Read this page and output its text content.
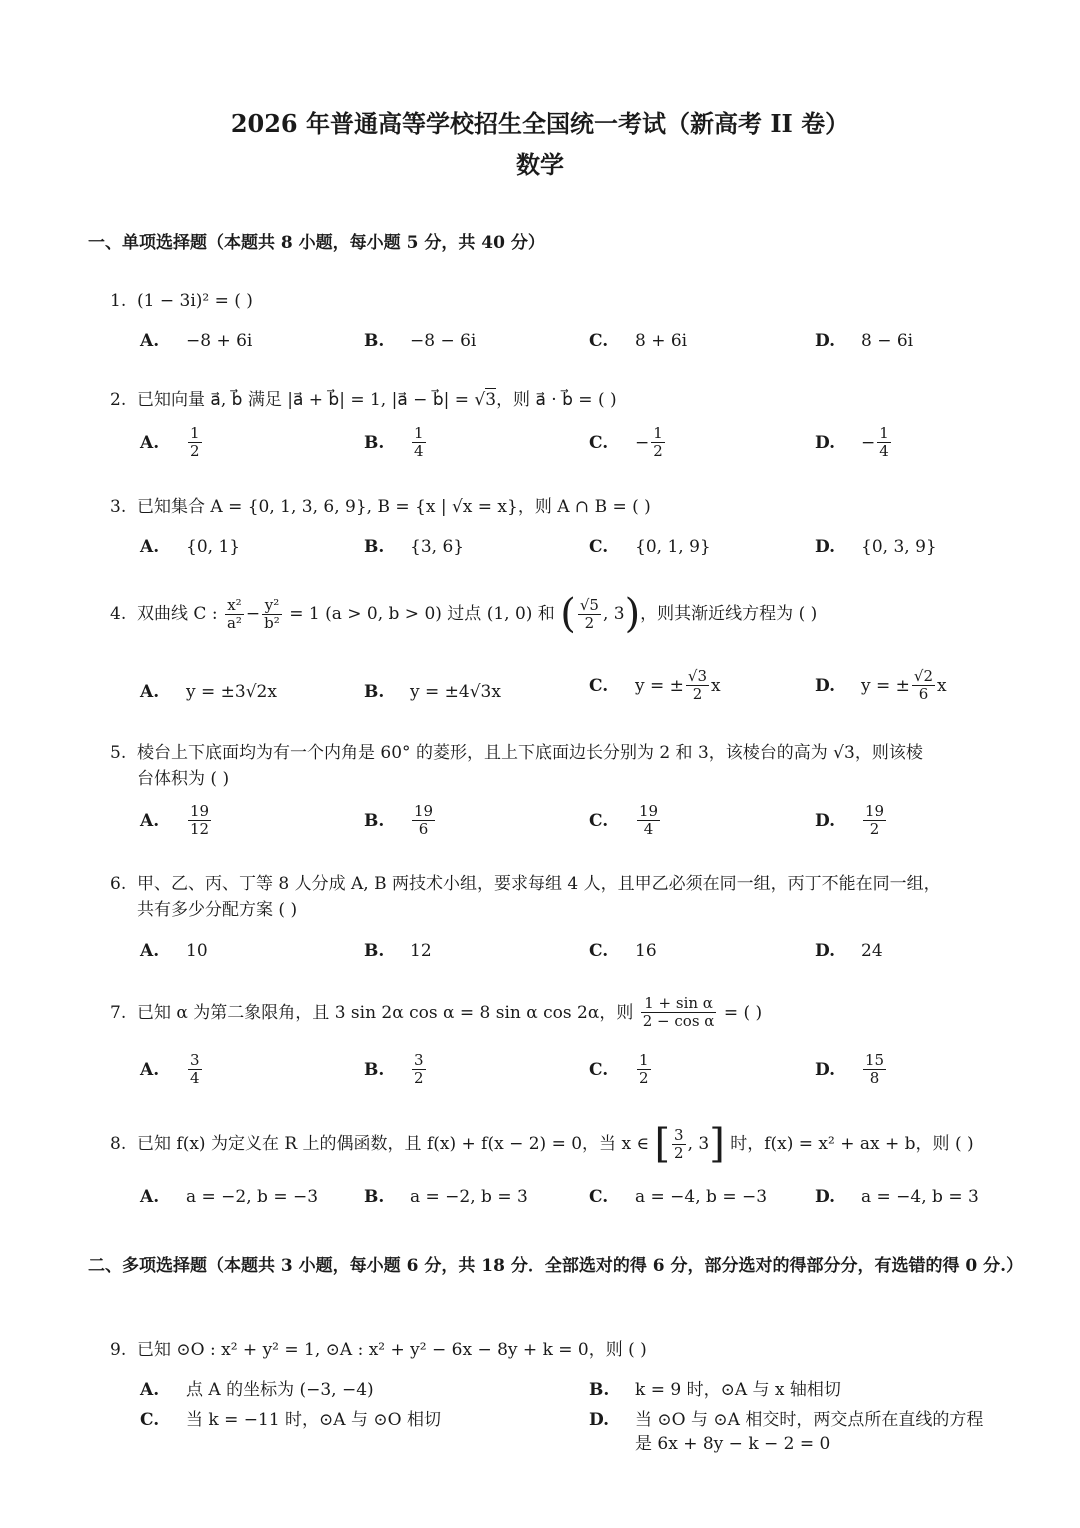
2026 年普通高等学校招生全国统一考试（新高考 II 卷）
数学
一、单项选择题（本题共 8 小题，每小题 5 分，共 40 分）
1. (1 − 3i)² = ( )
A. −8 + 6i	B. −8 − 6i	C. 8 + 6i	D. 8 − 6i
2. 已知向量 a⃗, b⃗ 满足 |a⃗ + b⃗| = 1, |a⃗ − b⃗| = √3，则 a⃗ · b⃗ = ( )
A. $\frac{1}{2}$	B. $\frac{1}{4}$	C. − $\frac{1}{2}$	D. − $\frac{1}{4}$
3. 已知集合 A = {0, 1, 3, 6, 9}, B = {x | √x = x}，则 A ∩ B = ( )
A. {0, 1}	B. {3, 6}	C. {0, 1, 9}	D. {0, 3, 9}
4. 双曲线 C : $\frac{\text{x²}}{\text{a²}} - \frac{\text{y²}}{\text{b²}} = 1$ (a > 0, b > 0) 过点 (1, 0) 和 ( $\frac{√5}{2}$ , 3)，则其渐近线方程为 ( )
A. y = ±3√2x	B. y = ±4√3x	C. y = ± $\frac{√3}{2}$ x	D. y = ± $\frac{√2}{6}$ x
5. 棱台上下底面均为有一个内角是 60° 的菱形，且上下底面边长分别为 2 和 3，该棱台的高为 √3，则该棱
台体积为 ( )
A. $\frac{19}{12}$	B. $\frac{19}{6}$	C. $\frac{19}{4}$	D. $\frac{19}{2}$
6. 甲、乙、丙、丁等 8 人分成 A, B 两技术小组，要求每组 4 人，且甲乙必须在同一组，丙丁不能在同一组，
共有多少分配方案 ( )
A. 10	B. 12	C. 16	D. 24
7. 已知 α 为第二象限角，且 3 sin 2α cos α = 8 sin α cos 2α，则 $\frac{\text{1 + sin α}}{\text{2 − cos α}}$ = ( )
A. $\frac{3}{4}$	B. $\frac{3}{2}$	C. $\frac{1}{2}$	D. $\frac{15}{8}$
8. 已知 f(x) 为定义在 R 上的偶函数，且 f(x) + f(x − 2) = 0，当 x ∈ [ $\frac{3}{2}$ , 3] 时，f(x) = x² + ax + b，则 ( )
A. a = −2, b = −3	B. a = −2, b = 3	C. a = −4, b = −3	D. a = −4, b = 3
二、多项选择题（本题共 3 小题，每小题 6 分，共 18 分．全部选对的得 6 分，部分选对的得部分分，有选错的得 0 分.）
9. 已知 ⊙O : x² + y² = 1, ⊙A : x² + y² − 6x − 8y + k = 0，则 ( )
A. 点 A 的坐标为 (−3, −4)	B. k = 9 时，⊙A 与 x 轴相切
C. 当 k = −11 时，⊙A 与 ⊙O 相切	D. 当 ⊙O 与 ⊙A 相交时，两交点所在直线的方程
是 6x + 8y − k − 2 = 0
